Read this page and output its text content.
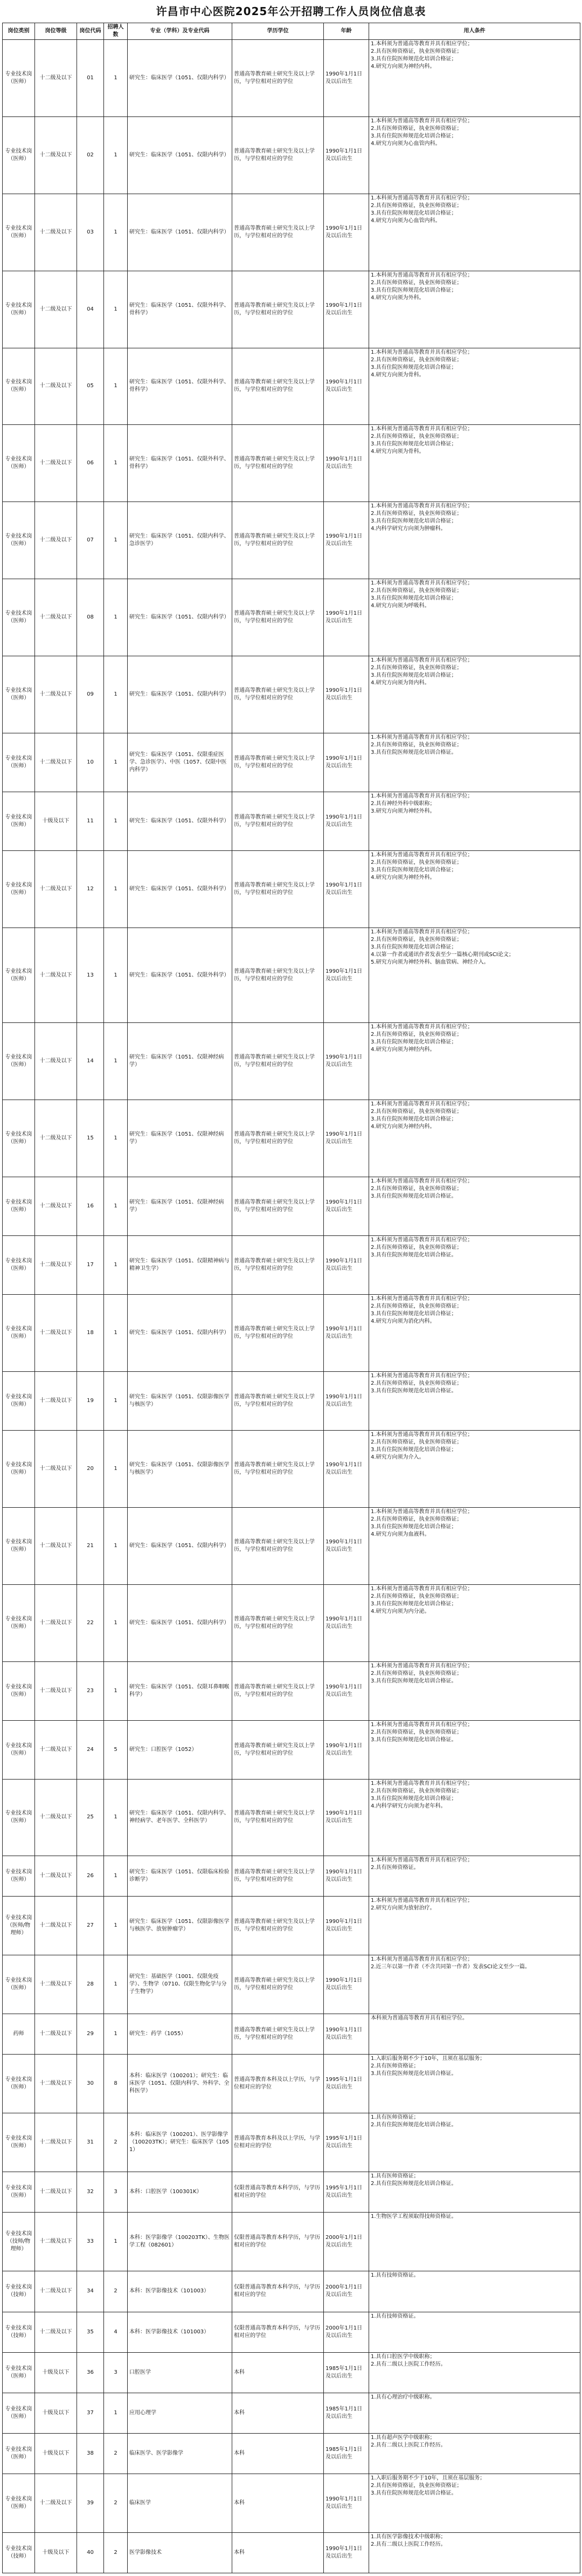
许昌市中心医院2025年公开招聘工作人员岗位信息表
岗位类别	岗位等级	岗位代码	招聘人数	专业（学科）及专业代码	学历学位	年龄	用人条件
专业技术岗
（医师）	十二级及以下	01	1	研究生：临床医学（1051、仅限内科学）	普通高等教育硕士研究生及以上学历，与学位相对应的学位	1990年1月1日及以后出生	1.本科须为普通高等教育并具有相应学位；
2.具有医师资格证，执业医师资格证；
3.具有住院医师规范化培训合格证；
4.研究方向须为神经内科。

专业技术岗
（医师）	十二级及以下	02	1	研究生：临床医学（1051、仅限内科学）	普通高等教育硕士研究生及以上学历，与学位相对应的学位	1990年1月1日及以后出生	1.本科须为普通高等教育并具有相应学位；
2.具有医师资格证，执业医师资格证；
3.具有住院医师规范化培训合格证；
4.研究方向须为心血管内科。

专业技术岗
（医师）	十二级及以下	03	1	研究生：临床医学（1051、仅限内科学）	普通高等教育硕士研究生及以上学历，与学位相对应的学位	1990年1月1日及以后出生	1.本科须为普通高等教育并具有相应学位；
2.具有医师资格证，执业医师资格证；
3.具有住院医师规范化培训合格证；
4.研究方向须为心血管内科。

专业技术岗
（医师）	十二级及以下	04	1	研究生：临床医学（1051、仅限外科学、骨科学）	普通高等教育硕士研究生及以上学历，与学位相对应的学位	1990年1月1日及以后出生	1.本科须为普通高等教育并具有相应学位；
2.具有医师资格证，执业医师资格证；
3.具有住院医师规范化培训合格证；
4.研究方向须为外科。

专业技术岗
（医师）	十二级及以下	05	1	研究生：临床医学（1051、仅限外科学、骨科学）	普通高等教育硕士研究生及以上学历，与学位相对应的学位	1990年1月1日及以后出生	1.本科须为普通高等教育并具有相应学位；
2.具有医师资格证，执业医师资格证；
3.具有住院医师规范化培训合格证；
4.研究方向须为骨科。

专业技术岗
（医师）	十二级及以下	06	1	研究生：临床医学（1051、仅限外科学、骨科学）	普通高等教育硕士研究生及以上学历，与学位相对应的学位	1990年1月1日及以后出生	1.本科须为普通高等教育并具有相应学位；
2.具有医师资格证，执业医师资格证；
3.具有住院医师规范化培训合格证；
4.研究方向须为骨科。

专业技术岗
（医师）	十二级及以下	07	1	研究生：临床医学（1051、仅限内科学、急诊医学）	普通高等教育硕士研究生及以上学历，与学位相对应的学位	1990年1月1日及以后出生	1.本科须为普通高等教育并具有相应学位；
2.具有医师资格证，执业医师资格证；
3.具有住院医师规范化培训合格证；
4.内科学研究方向须为肿瘤科。

专业技术岗
（医师）	十二级及以下	08	1	研究生：临床医学（1051、仅限内科学）	普通高等教育硕士研究生及以上学历，与学位相对应的学位	1990年1月1日及以后出生	1.本科须为普通高等教育并具有相应学位；
2.具有医师资格证，执业医师资格证；
3.具有住院医师规范化培训合格证；
4.研究方向须为呼吸科。

专业技术岗
（医师）	十二级及以下	09	1	研究生：临床医学（1051、仅限内科学）	普通高等教育硕士研究生及以上学历，与学位相对应的学位	1990年1月1日及以后出生	1.本科须为普通高等教育并具有相应学位；
2.具有医师资格证，执业医师资格证；
3.具有住院医师规范化培训合格证；
4.研究方向须为肾内科。

专业技术岗
（医师）	十二级及以下	10	1	研究生：临床医学（1051、仅限重症医学、急诊医学）、中医（1057、仅限中医内科学）	普通高等教育硕士研究生及以上学历，与学位相对应的学位	1990年1月1日及以后出生	1.本科须为普通高等教育并具有相应学位；
2.具有医师资格证，执业医师资格证；
3.具有住院医师规范化培训合格证。

专业技术岗
（医师）	十级及以下	11	1	研究生：临床医学（1051、仅限外科学）	普通高等教育硕士研究生及以上学历，与学位相对应的学位	1990年1月1日及以后出生	1.本科须为普通高等教育并具有相应学位；
2.具有神经外科中级职称；
3.研究方向须为神经外科。

专业技术岗
（医师）	十二级及以下	12	1	研究生：临床医学（1051、仅限外科学）	普通高等教育硕士研究生及以上学历，与学位相对应的学位	1990年1月1日及以后出生	1.本科须为普通高等教育并具有相应学位；
2.具有医师资格证，执业医师资格证；
3.具有住院医师规范化培训合格证；
4.研究方向须为神经外科。

专业技术岗
（医师）	十二级及以下	13	1	研究生：临床医学（1051、仅限外科学）	普通高等教育硕士研究生及以上学历，与学位相对应的学位	1990年1月1日及以后出生	1.本科须为普通高等教育并具有相应学位；
2.具有医师资格证，执业医师资格证；
3.具有住院医师规范化培训合格证；
4.以第一作者或通讯作者发表至少一篇核心期刊或SCI论文；
5.研究方向须为神经外科、脑血管病、神经介入。

专业技术岗
（医师）	十二级及以下	14	1	研究生：临床医学（1051、仅限神经病学）	普通高等教育硕士研究生及以上学历，与学位相对应的学位	1990年1月1日及以后出生	1.本科须为普通高等教育并具有相应学位；
2.具有医师资格证，执业医师资格证；
3.具有住院医师规范化培训合格证；
4.研究方向须为神经内科。

专业技术岗
（医师）	十二级及以下	15	1	研究生：临床医学（1051、仅限神经病学）	普通高等教育硕士研究生及以上学历，与学位相对应的学位	1990年1月1日及以后出生	1.本科须为普通高等教育并具有相应学位；
2.具有医师资格证，执业医师资格证；
3.具有住院医师规范化培训合格证；
4.研究方向须为神经内科。

专业技术岗
（医师）	十二级及以下	16	1	研究生：临床医学（1051、仅限神经病学）	普通高等教育硕士研究生及以上学历，与学位相对应的学位	1990年1月1日及以后出生	1.本科须为普通高等教育并具有相应学位；
2.具有医师资格证，执业医师资格证；
3.具有住院医师规范化培训合格证。

专业技术岗
（医师）	十二级及以下	17	1	研究生：临床医学（1051、仅限精神病与精神卫生学）	普通高等教育硕士研究生及以上学历，与学位相对应的学位	1990年1月1日及以后出生	1.本科须为普通高等教育并具有相应学位；
2.具有医师资格证，执业医师资格证；
3.具有住院医师规范化培训合格证。

专业技术岗
（医师）	十二级及以下	18	1	研究生：临床医学（1051、仅限内科学）	普通高等教育硕士研究生及以上学历，与学位相对应的学位	1990年1月1日及以后出生	1.本科须为普通高等教育并具有相应学位；
2.具有医师资格证，执业医师资格证；
3.具有住院医师规范化培训合格证；
4.研究方向须为消化内科。

专业技术岗
（医师）	十二级及以下	19	1	研究生：临床医学（1051、仅限影像医学与核医学）	普通高等教育硕士研究生及以上学历，与学位相对应的学位	1990年1月1日及以后出生	1.本科须为普通高等教育并具有相应学位；
2.具有医师资格证，执业医师资格证；
3.具有住院医师规范化培训合格证。

专业技术岗
（医师）	十二级及以下	20	1	研究生：临床医学（1051、仅限影像医学与核医学）	普通高等教育硕士研究生及以上学历，与学位相对应的学位	1990年1月1日及以后出生	1.本科须为普通高等教育并具有相应学位；
2.具有医师资格证，执业医师资格证；
3.具有住院医师规范化培训合格证；
4.研究方向须为介入。

专业技术岗
（医师）	十二级及以下	21	1	研究生：临床医学（1051、仅限内科学）	普通高等教育硕士研究生及以上学历，与学位相对应的学位	1990年1月1日及以后出生	1.本科须为普通高等教育并具有相应学位；
2.具有医师资格证，执业医师资格证；
3.具有住院医师规范化培训合格证；
4.研究方向须为血液科。

专业技术岗
（医师）	十二级及以下	22	1	研究生：临床医学（1051、仅限内科学）	普通高等教育硕士研究生及以上学历，与学位相对应的学位	1990年1月1日及以后出生	1.本科须为普通高等教育并具有相应学位；
2.具有医师资格证，执业医师资格证；
3.具有住院医师规范化培训合格证；
4.研究方向须为内分泌。

专业技术岗
（医师）	十二级及以下	23	1	研究生：临床医学（1051、仅限耳鼻咽喉科学）	普通高等教育硕士研究生及以上学历，与学位相对应的学位	1990年1月1日及以后出生	1.本科须为普通高等教育并具有相应学位；
2.具有医师资格证，执业医师资格证；
3.具有住院医师规范化培训合格证。

专业技术岗
（医师）	十二级及以下	24	5	研究生：口腔医学（1052）	普通高等教育硕士研究生及以上学历，与学位相对应的学位	1990年1月1日及以后出生	1.本科须为普通高等教育并具有相应学位；
2.具有医师资格证，执业医师资格证；
3.具有住院医师规范化培训合格证。

专业技术岗
（医师）	十二级及以下	25	1	研究生：临床医学（1051、仅限内科学、神经病学、老年医学、全科医学）	普通高等教育硕士研究生及以上学历，与学位相对应的学位	1990年1月1日及以后出生	1.本科须为普通高等教育并具有相应学位；
2.具有医师资格证，执业医师资格证；
3.具有住院医师规范化培训合格证；
4.内科学研究方向须为老年科。

专业技术岗
（医师）	十二级及以下	26	1	研究生：临床医学（1051、仅限临床检验诊断学）	普通高等教育硕士研究生及以上学历，与学位相对应的学位	1990年1月1日及以后出生	1.本科须为普通高等教育并具有相应学位；
2.具有医师资格证。

专业技术岗
（医师/物理师）	十二级及以下	27	1	研究生：临床医学（1051、仅限影像医学与核医学、放射肿瘤学）	普通高等教育硕士研究生及以上学历，与学位相对应的学位	1990年1月1日及以后出生	1.本科须为普通高等教育并具有相应学位；
2.研究方向须为放射治疗。

专业技术岗
（医师）	十二级及以下	28	1	研究生：基础医学（1001、仅限免疫学）、生物学（0710、仅限生物化学与分子生物学）	普通高等教育硕士研究生及以上学历，与学位相对应的学位	1990年1月1日及以后出生	1.本科须为普通高等教育并具有相应学位；
2.近三年以第一作者（不含共同第一作者）发表SCI论文至少一篇。

药师	十二级及以下	29	1	研究生：药学（1055）	普通高等教育硕士研究生及以上学历，与学位相对应的学位	1990年1月1日及以后出生	本科须为普通高等教育并具有相应学位。

专业技术岗
（医师）	十二级及以下	30	8	本科：临床医学（100201）；研究生：临床医学（1051、仅限内科学、外科学、全科医学）	普通高等教育本科及以上学历，与学位相对应的学位	1995年1月1日及以后出生	1.入职后服务期不少于10年，且须在基层服务；
2.具有医师资格证；
3.具有住院医师规范化培训合格证。

专业技术岗
（医师）	十二级及以下	31	2	本科：临床医学（100201）、医学影像学（100203TK）；研究生：临床医学（1051）	普通高等教育本科及以上学历，与学位相对应的学位	1995年1月1日及以后出生	1.具有医师资格证；
2.具有住院医师规范化培训合格证。

专业技术岗
（医师）	十二级及以下	32	3	本科：口腔医学（100301K）	仅限普通高等教育本科学历，与学历相对应的学位	1995年1月1日及以后出生	1.具有医师资格证；
2.具有住院医师规范化培训合格证。

专业技术岗
（技师/物理师）	十二级及以下	33	1	本科：医学影像学（100203TK）、生物医学工程（082601）	仅限普通高等教育本科学历，与学历相对应的学位	2000年1月1日及以后出生	1.生物医学工程须取得技师资格证。

专业技术岗
（技师）	十二级及以下	34	2	本科：医学影像技术（101003）	仅限普通高等教育本科学历，与学历相对应的学位	2000年1月1日及以后出生	1.具有技师资格证。

专业技术岗
（技师）	十二级及以下	35	4	本科：医学影像技术（101003）	仅限普通高等教育本科学历，与学历相对应的学位	2000年1月1日及以后出生	1.具有技师资格证。

专业技术岗
（医师）	十级及以下	36	3	口腔医学	本科	1985年1月1日及以后出生	1.具有口腔医学中级职称；
2.具有二级以上医院工作经历。

专业技术岗
（医师）	十级及以下	37	1	应用心理学	本科	1985年1月1日及以后出生	1.具有心理治疗中级职称。

专业技术岗
（医师）	十级及以下	38	2	临床医学、医学影像学	本科	1985年1月1日及以后出生	1.具有超声医学中级职称；
2.具有二级以上医院工作经历。

专业技术岗
（医师）	十二级及以下	39	2	临床医学	本科	1990年1月1日及以后出生	1.入职后服务期不少于10年，且须在基层服务；
2.具有医师资格证，执业医师资格证；
3.具有住院医师规范化培训合格证。

专业技术岗
（技师）	十级及以下	40	2	医学影像技术	本科	1990年1月1日及以后出生	1.具有医学影像技术中级职称；
2.具有二级以上医院工作经历。
